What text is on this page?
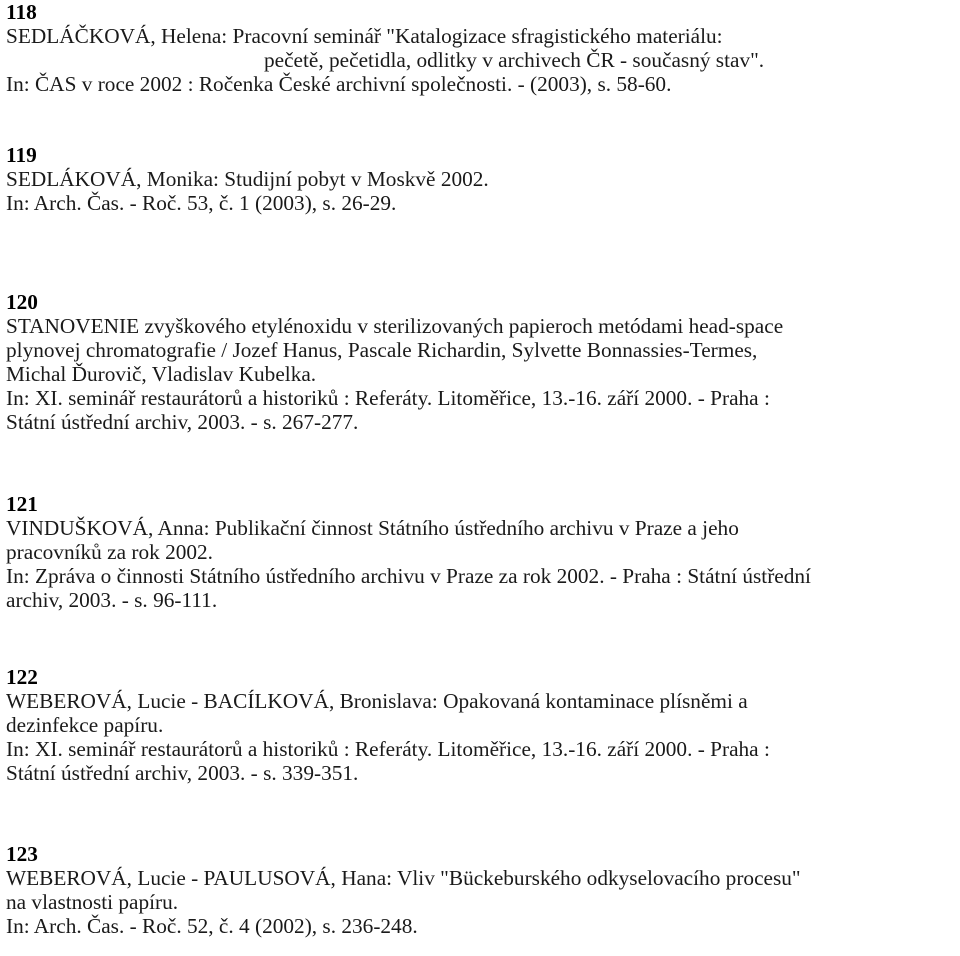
118
SEDLÁČKOVÁ, Helena: Pracovní seminář "Katalogizace sfragistického materiálu:
pečetě, pečetidla, odlitky v archivech ČR - současný stav".
In: ČAS v roce 2002 : Ročenka České archivní společnosti. - (2003), s. 58-60.
119
SEDLÁKOVÁ, Monika: Studijní pobyt v Moskvě 2002.
In: Arch. Čas. - Roč. 53, č. 1 (2003), s. 26-29.
120
STANOVENIE zvyškového etylénoxidu v sterilizovaných papieroch metódami head-space
plynovej chromatografie / Jozef Hanus, Pascale Richardin, Sylvette Bonnassies-Termes,
Michal Ďurovič, Vladislav Kubelka.
In: XI. seminář restaurátorů a historiků : Referáty. Litoměřice, 13.-16. září 2000. - Praha :
Státní ústřední archiv, 2003. - s. 267-277.
121
VINDUŠKOVÁ, Anna: Publikační činnost Státního ústředního archivu v Praze a jeho
pracovníků za rok 2002.
In: Zpráva o činnosti Státního ústředního archivu v Praze za rok 2002. - Praha : Státní ústřední
archiv, 2003. - s. 96-111.
122
WEBEROVÁ, Lucie - BACÍLKOVÁ, Bronislava: Opakovaná kontaminace plísněmi a
dezinfekce papíru.
In: XI. seminář restaurátorů a historiků : Referáty. Litoměřice, 13.-16. září 2000. - Praha :
Státní ústřední archiv, 2003. - s. 339-351.
123
WEBEROVÁ, Lucie - PAULUSOVÁ, Hana: Vliv "Bückeburského odkyselovacího procesu"
na vlastnosti papíru.
In: Arch. Čas. - Roč. 52, č. 4 (2002), s. 236-248.
